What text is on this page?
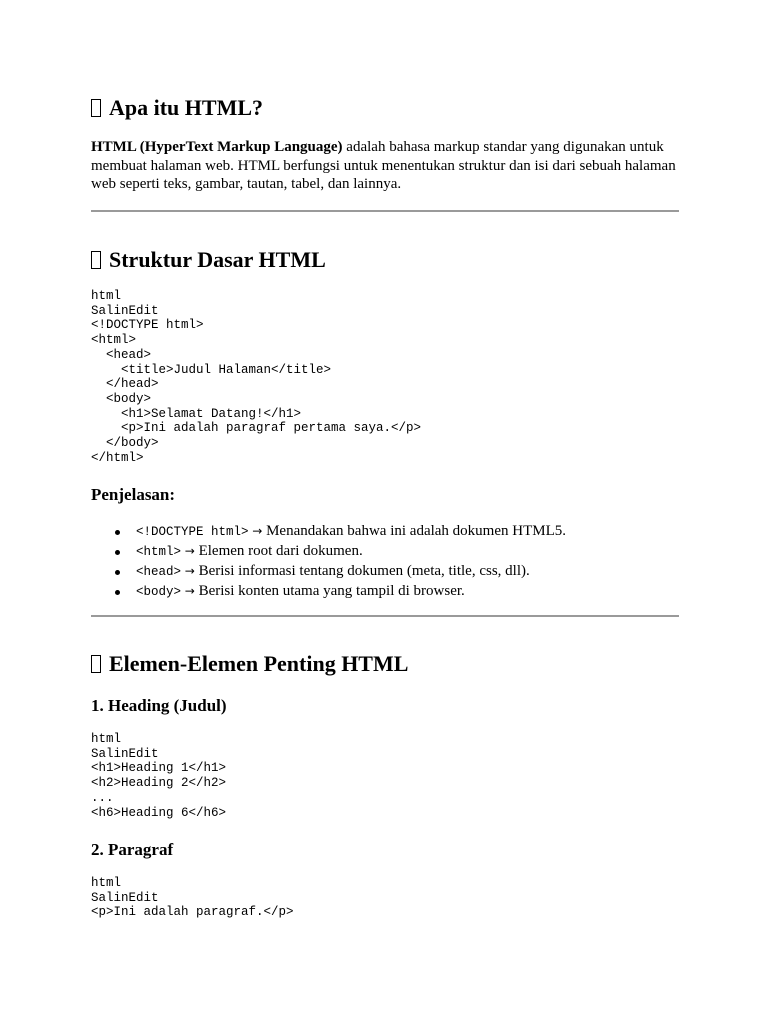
Apa itu HTML?

HTML (HyperText Markup Language) adalah bahasa markup standar yang digunakan untuk membuat halaman web. HTML berfungsi untuk menentukan struktur dan isi dari sebuah halaman web seperti teks, gambar, tautan, tabel, dan lainnya.

Struktur Dasar HTML
html
SalinEdit
<!DOCTYPE html>
<html>
<head>
<title>Judul Halaman</title>
</head>
<body>
<h1>Selamat Datang!</h1>
<p>Ini adalah paragraf pertama saya.</p>
</body>
</html>
Penjelasan:
<!DOCTYPE html> → Menandakan bahwa ini adalah dokumen HTML5.
<html> → Elemen root dari dokumen.
<head> → Berisi informasi tentang dokumen (meta, title, css, dll).
<body> → Berisi konten utama yang tampil di browser.
Elemen-Elemen Penting HTML
1. Heading (Judul)
html
SalinEdit
<h1>Heading 1</h1>
<h2>Heading 2</h2>
...
<h6>Heading 6</h6>
2. Paragraf
html
SalinEdit
<p>Ini adalah paragraf.</p>
